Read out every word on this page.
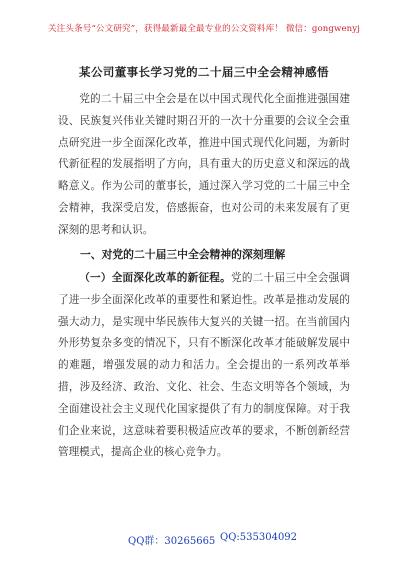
关注头条号“公文研究”，获得最新最全最专业的公文资料库！ 微信：gongwenyj
某公司董事长学习党的二十届三中全会精神感悟
党的二十届三中全会是在以中国式现代化全面推进强国建设、民族复兴伟业关键时期召开的一次十分重要的会议全会重点研究进一步全面深化改革，推进中国式现代化问题，为新时代新征程的发展指明了方向，具有重大的历史意义和深远的战略意义。作为公司的董事长，通过深入学习党的二十届三中全会精神，我深受启发，倍感振奋，也对公司的未来发展有了更深刻的思考和认识。
一、对党的二十届三中全会精神的深刻理解
（一）全面深化改革的新征程。党的二十届三中全会强调了进一步全面深化改革的重要性和紧迫性。改革是推动发展的强大动力，是实现中华民族伟大复兴的关键一招。在当前国内外形势复杂多变的情况下，只有不断深化改革才能破解发展中的难题，增强发展的动力和活力。全会提出的一系列改革举措，涉及经济、政治、文化、社会、生态文明等各个领域，为全面建设社会主义现代化国家提供了有力的制度保障。对于我们企业来说，这意味着要积极适应改革的要求，不断创新经营管理模式，提高企业的核心竞争力。
QQ群：30265665 QQ:535304092
